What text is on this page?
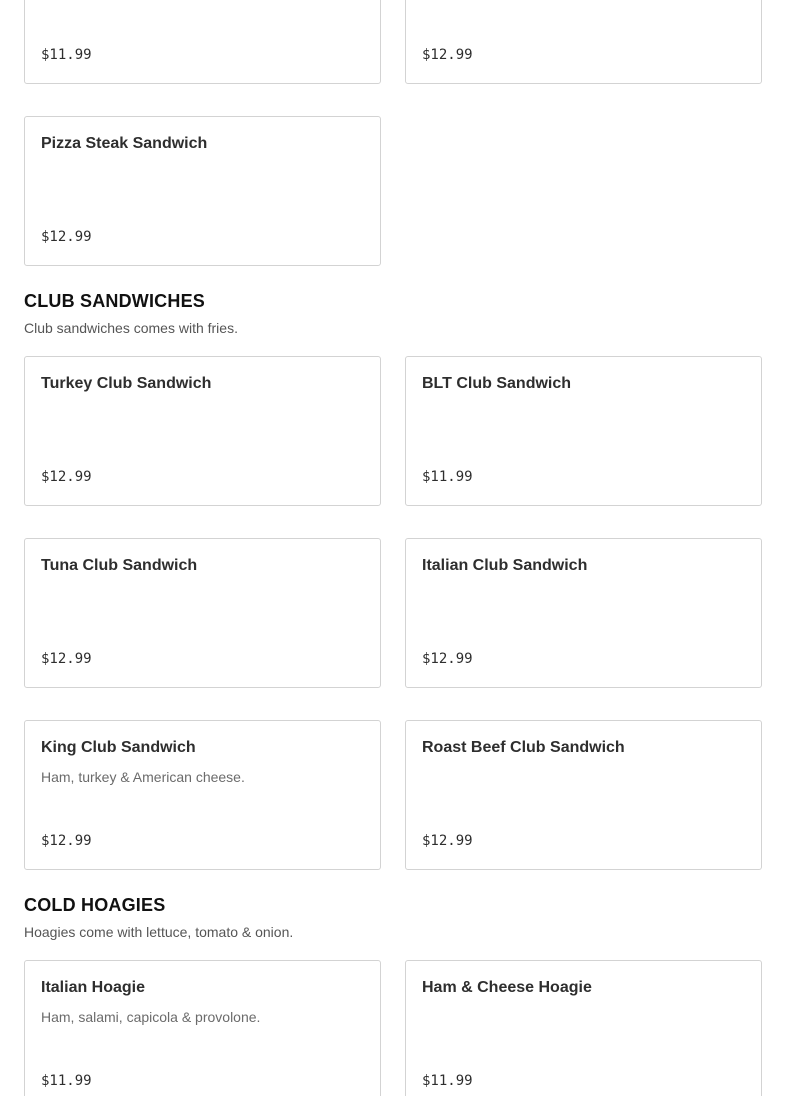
$11.99	$12.99
Pizza Steak Sandwich
$12.99
CLUB SANDWICHES

Club sandwiches comes with fries.

Turkey Club Sandwich
$12.99
BLT Club Sandwich
$11.99
Tuna Club Sandwich
$12.99
Italian Club Sandwich
$12.99
King Club Sandwich
Ham, turkey & American cheese.
$12.99
Roast Beef Club Sandwich
$12.99
COLD HOAGIES

Hoagies come with lettuce, tomato & onion.

Italian Hoagie
Ham, salami, capicola & provolone.
$11.99
Ham & Cheese Hoagie
$11.99
